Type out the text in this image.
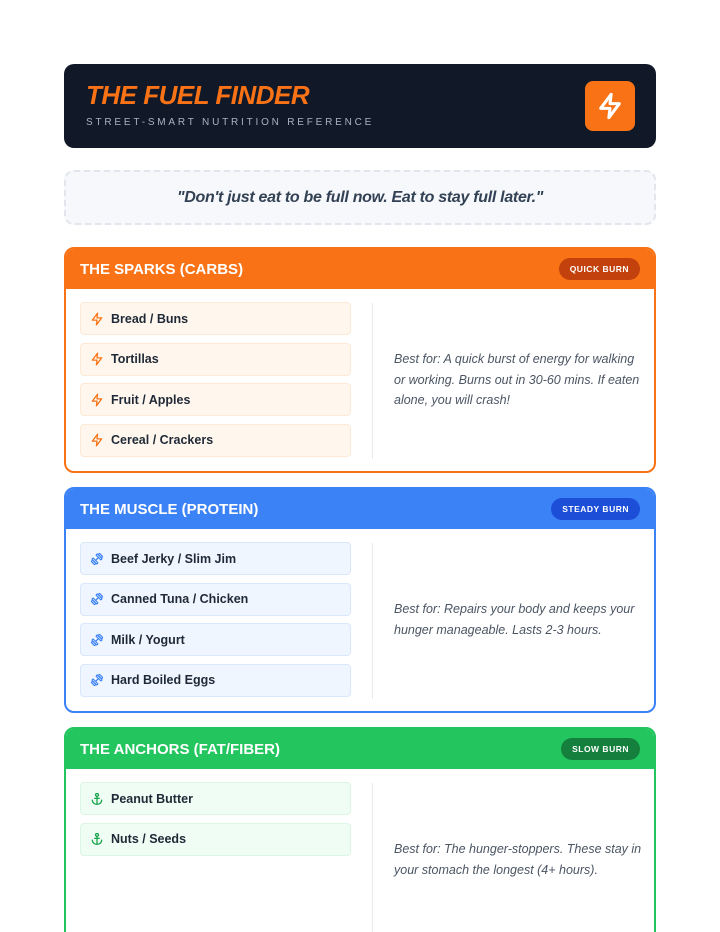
THE FUEL FINDER
STREET-SMART NUTRITION REFERENCE
"Don't just eat to be full now. Eat to stay full later."
THE SPARKS (CARBS)	QUICK BURN
Bread / Buns
Tortillas
Fruit / Apples
Cereal / Crackers
Best for: A quick burst of energy for walking or working. Burns out in 30-60 mins. If eaten alone, you will crash!
THE MUSCLE (PROTEIN)	STEADY BURN
Beef Jerky / Slim Jim
Canned Tuna / Chicken
Milk / Yogurt
Hard Boiled Eggs
Best for: Repairs your body and keeps your hunger manageable. Lasts 2-3 hours.
THE ANCHORS (FAT/FIBER)	SLOW BURN
Peanut Butter
Nuts / Seeds
Best for: The hunger-stoppers. These stay in your stomach the longest (4+ hours).
